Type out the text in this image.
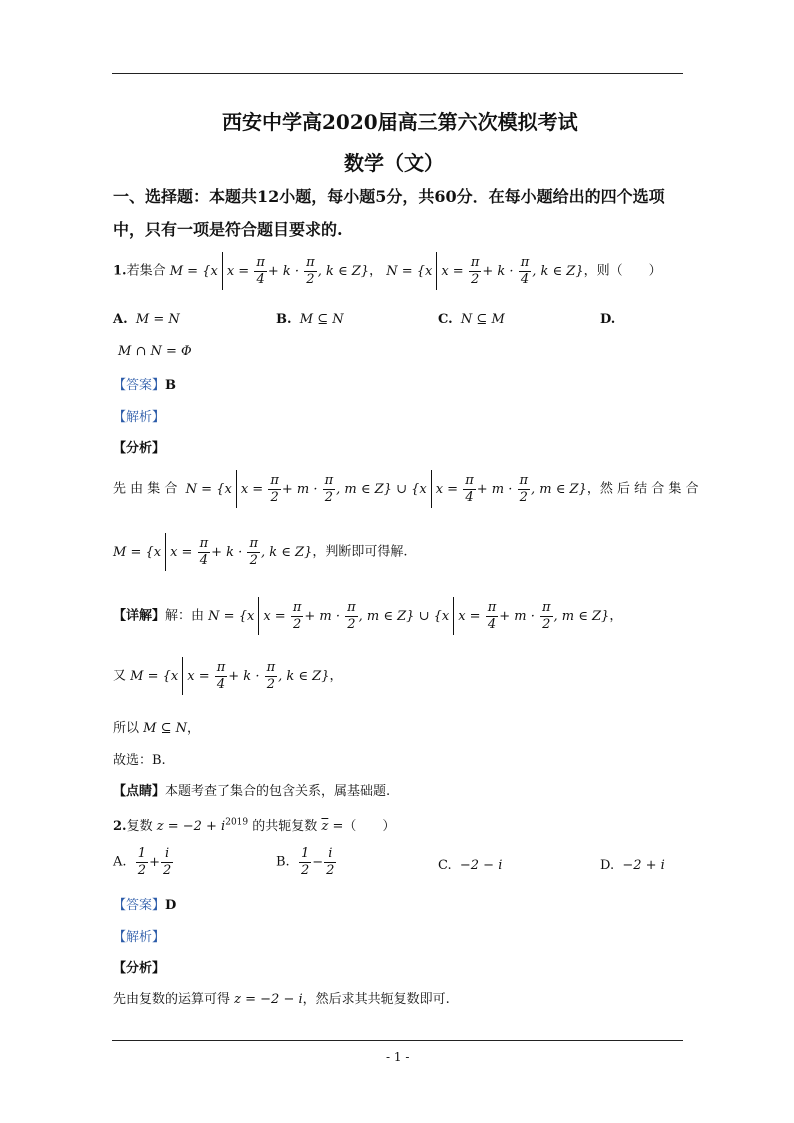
西安中学高2020届高三第六次模拟考试
数学（文）
一、选择题：本题共12小题，每小题5分，共60分．在每小题给出的四个选项
中，只有一项是符合题目要求的.
1.若集合 M = {x $x = \frac{\pi}{4} + k \cdot \frac{\pi}{2}$ , k ∈ Z}， N = {x $x = \frac{\pi}{2} + k \cdot \frac{\pi}{4}$ , k ∈ Z}，则（　　）
A. M = N	B. M ⊆ N	C. N ⊆ M	D.
M ∩ N = Φ
【答案】B
【解析】
【分析】
先 由 集 合 N = {x $x = \frac{\pi}{2} + m \cdot \frac{\pi}{2}$ , m ∈ Z} ∪ {x $x = \frac{\pi}{4} + m \cdot \frac{\pi}{2}$ , m ∈ Z}，然 后 结 合 集 合
M = {x $x = \frac{\pi}{4} + k \cdot \frac{\pi}{2}$ , k ∈ Z}，判断即可得解.
【详解】解：由 N = {x $x = \frac{\pi}{2} + m \cdot \frac{\pi}{2}$ , m ∈ Z} ∪ {x $x = \frac{\pi}{4} + m \cdot \frac{\pi}{2}$ , m ∈ Z}，
又 M = {x $x = \frac{\pi}{4} + k \cdot \frac{\pi}{2}$ , k ∈ Z}，
所以 M ⊆ N，
故选：B.
【点睛】本题考查了集合的包含关系，属基础题.
2.复数 $z = -2 + i^{2019}$ 的共轭复数 $\overline{z}$ =（　　）
A. $\frac{1}{2} + \frac{i}{2}$	B. $\frac{1}{2} - \frac{i}{2}$	C. −2 − i	D. −2 + i
【答案】D
【解析】
【分析】
先由复数的运算可得 z = −2 − i，然后求其共轭复数即可.
- 1 -
